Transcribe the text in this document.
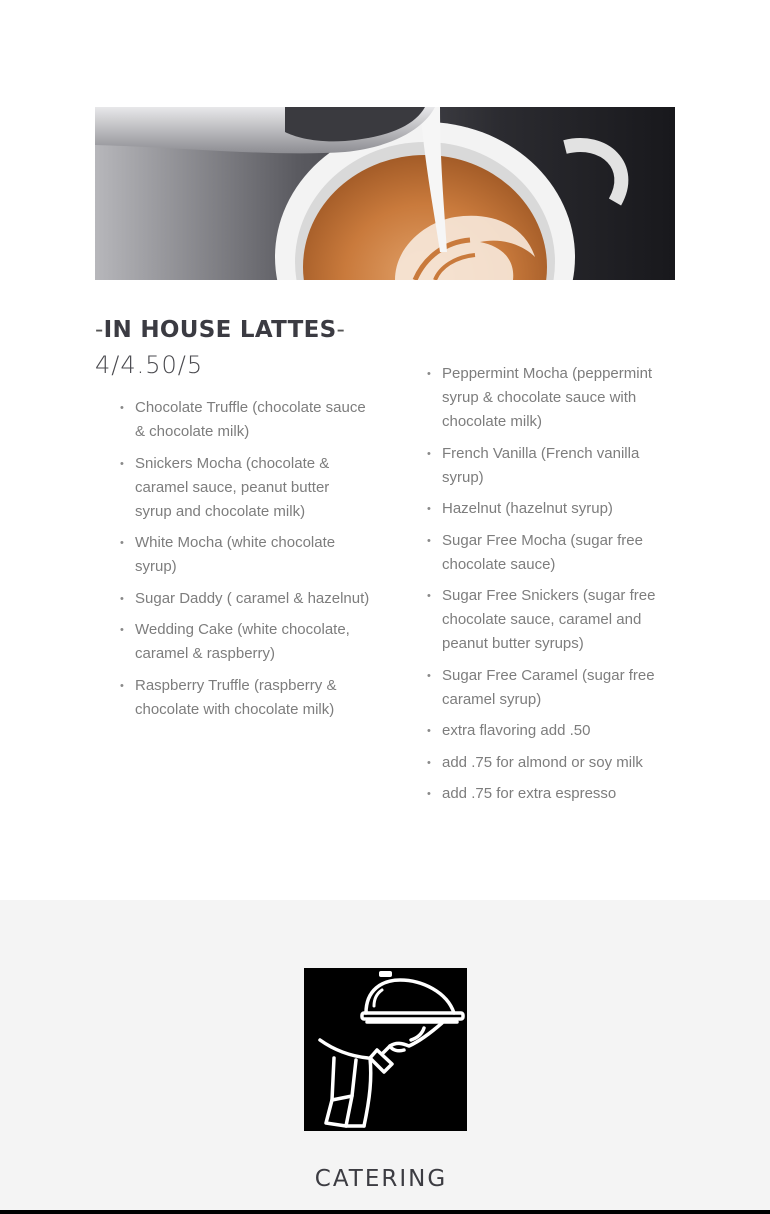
-IN HOUSE LATTES-

4/4.50/5

• Chocolate Truffle (chocolate sauce & chocolate milk)
• Snickers Mocha (chocolate & caramel sauce, peanut butter syrup and chocolate milk)
• White Mocha (white chocolate syrup)
• Sugar Daddy ( caramel & hazelnut)
• Wedding Cake (white chocolate, caramel & raspberry)
• Raspberry Truffle (raspberry & chocolate with chocolate milk)
• Peppermint Mocha (peppermint syrup & chocolate sauce with chocolate milk)
• French Vanilla (French vanilla syrup)
• Hazelnut (hazelnut syrup)
• Sugar Free Mocha (sugar free chocolate sauce)
• Sugar Free Snickers (sugar free chocolate sauce, caramel and peanut butter syrups)
• Sugar Free Caramel (sugar free caramel syrup)
• extra flavoring add .50
• add .75 for almond or soy milk
• add .75 for extra espresso
CATERING
